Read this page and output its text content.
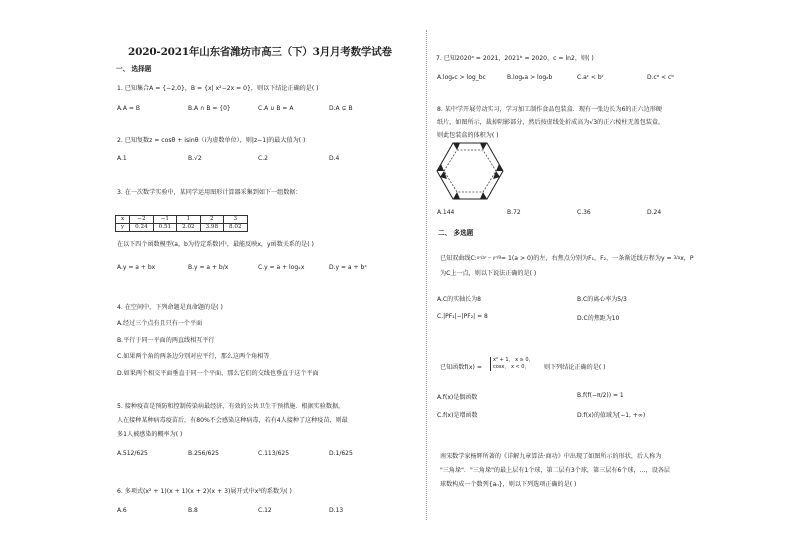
2020-2021年山东省潍坊市高三（下）3月月考数学试卷
一、 选择题
1. 已知集合A = {−2,0}，B = {x| x²−2x = 0}，则以下结论正确的是( )
A.A = B	B.A ∩ B = {0}	C.A ∪ B = A	D.A ⊊ B
2. 已知复数z = cosθ + isinθ（i为虚数单位），则|z−1|的最大值为( )
A.1	B.√2	C.2	D.4
3. 在一次数学实验中，某同学运用图形计算器采集到如下一组数据：
x	−2	−1	1	2	3
y	0.24	0.51	2.02	3.98	8.02
在以下四个函数模型(a，b为待定系数)中，最能反映x，y函数关系的是( )
A.y = a + bx	B.y = a + b/x	C.y = a + logₓx	D.y = a + bˣ
4. 在空间中，下列命题是真命题的是( )
A.经过三个点有且只有一个平面
B.平行于同一平面的两直线相互平行
C.如果两个角的两条边分别对应平行，那么这两个角相等
D.如果两个相交平面垂直于同一个平面，那么它们的交线也垂直于这个平面
5. 接种疫苗是预防和控制传染病最经济、有效的公共卫生干预措施．根据实验数据，
人在接种某种病毒疫苗后，有80%不会感染这种病毒，若有4人接种了这种疫苗，则最
多1人被感染的概率为( )
A.512/625	B.256/625	C.113/625	D.1/625
6. 多项式(x² + 1)(x + 1)(x + 2)(x + 3)展开式中x³的系数为( )
A.6	B.8	C.12	D.13
7. 已知2020ᵃ = 2021，2021ᵇ = 2020，c = ln2，则( )
A.logₐc > log_bc	B.logₐa > logₐb	C.aᶜ < bᶜ	D.cᵃ < cᵇ
8. 某中学开展劳动实习，学习加工制作食品包装盒．现有一张边长为6的正六边形硬
纸片，如图所示，裁掉阴影部分，然后按虚线处折成高为√3的正六棱柱无盖包装盒，
则此包装盒的体积为( )
A.144	B.72	C.36	D.24
二、 多选题
已知双曲线C:x²/a² − y²/9= 1(a > 0)的左，右焦点分别为F₁，F₂，一条渐近线方程为y = 3/ax，P
为C上一点，则以下说法正确的是( )
A.C的实轴长为8	B.C的离心率为5/3
C.|PF₁|−|PF₂| = 8	D.C的焦距为10
已知函数f(x) =
x² + 1， x ≥ 0，
cosx， x < 0，	则下列结论正确的是( )
A.f(x)是偶函数	B.f(f(−π/2)) = 1
C.f(x)是增函数	D.f(x)的值域为[−1, +∞)
南宋数学家杨辉所著的《详解九章算法·商功》中出现了如图所示的形状，后人称为
"三角垛"．"三角垛"的最上层有1个球，第二层有3个球，第三层有6个球，…，设各层
球数构成一个数列{aₙ}，则以下列选项正确的是( )
